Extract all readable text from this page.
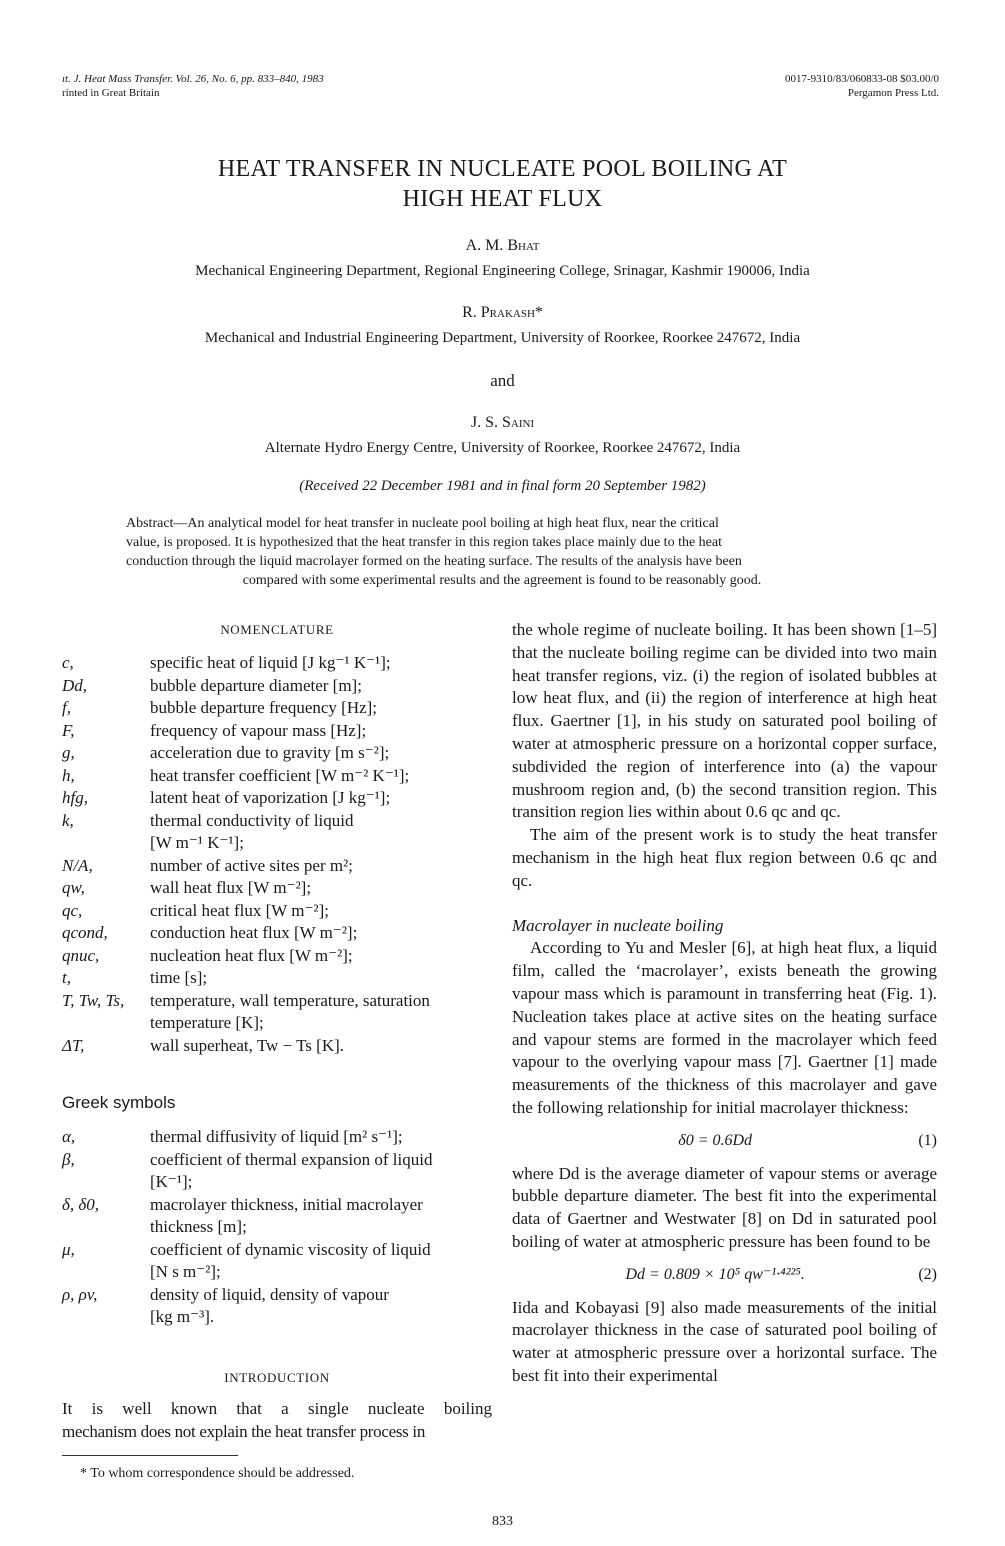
ıt. J. Heat Mass Transfer. Vol. 26, No. 6, pp. 833–840, 1983
rinted in Great Britain
0017-9310/83/060833-08 $03.00/0
Pergamon Press Ltd.
HEAT TRANSFER IN NUCLEATE POOL BOILING AT
HIGH HEAT FLUX
A. M. Bhat
Mechanical Engineering Department, Regional Engineering College, Srinagar, Kashmir 190006, India
R. Prakash*
Mechanical and Industrial Engineering Department, University of Roorkee, Roorkee 247672, India
and
J. S. Saini
Alternate Hydro Energy Centre, University of Roorkee, Roorkee 247672, India
(Received 22 December 1981 and in final form 20 September 1982)
Abstract—An analytical model for heat transfer in nucleate pool boiling at high heat flux, near the critical
value, is proposed. It is hypothesized that the heat transfer in this region takes place mainly due to the heat
conduction through the liquid macrolayer formed on the heating surface. The results of the analysis have been
compared with some experimental results and the agreement is found to be reasonably good.
NOMENCLATURE
c,	specific heat of liquid [J kg⁻¹ K⁻¹];
Dd,	bubble departure diameter [m];
f,	bubble departure frequency [Hz];
F,	frequency of vapour mass [Hz];
g,	acceleration due to gravity [m s⁻²];
h,	heat transfer coefficient [W m⁻² K⁻¹];
hfg,	latent heat of vaporization [J kg⁻¹];
k,	thermal conductivity of liquid
[W m⁻¹ K⁻¹];
N/A,	number of active sites per m²;
qw,	wall heat flux [W m⁻²];
qc,	critical heat flux [W m⁻²];
qcond,	conduction heat flux [W m⁻²];
qnuc,	nucleation heat flux [W m⁻²];
t,	time [s];
T, Tw, Ts,	temperature, wall temperature, saturation
temperature [K];
ΔT,	wall superheat, Tw − Ts [K].
Greek symbols
α,	thermal diffusivity of liquid [m² s⁻¹];
β,	coefficient of thermal expansion of liquid
[K⁻¹];
δ, δ0,	macrolayer thickness, initial macrolayer
thickness [m];
μ,	coefficient of dynamic viscosity of liquid
[N s m⁻²];
ρ, ρv,	density of liquid, density of vapour
[kg m⁻³].
INTRODUCTION
It is well known that a single nucleate boiling
mechanism does not explain the heat transfer process in
* To whom correspondence should be addressed.
the whole regime of nucleate boiling. It has been shown [1–5] that the nucleate boiling regime can be divided into two main heat transfer regions, viz. (i) the region of isolated bubbles at low heat flux, and (ii) the region of interference at high heat flux. Gaertner [1], in his study on saturated pool boiling of water at atmospheric pressure on a horizontal copper surface, subdivided the region of interference into (a) the vapour mushroom region and, (b) the second transition region. This transition region lies within about 0.6 qc and qc.
The aim of the present work is to study the heat transfer mechanism in the high heat flux region between 0.6 qc and qc.
Macrolayer in nucleate boiling
According to Yu and Mesler [6], at high heat flux, a liquid film, called the ‘macrolayer’, exists beneath the growing vapour mass which is paramount in transferring heat (Fig. 1). Nucleation takes place at active sites on the heating surface and vapour stems are formed in the macrolayer which feed vapour to the overlying vapour mass [7]. Gaertner [1] made measurements of the thickness of this macrolayer and gave the following relationship for initial macrolayer thickness:
δ0 = 0.6Dd	(1)
where Dd is the average diameter of vapour stems or average bubble departure diameter. The best fit into the experimental data of Gaertner and Westwater [8] on Dd in saturated pool boiling of water at atmospheric pressure has been found to be
Dd = 0.809 × 10⁵ qw⁻¹·⁴²²⁵.	(2)
Iida and Kobayasi [9] also made measurements of the initial macrolayer thickness in the case of saturated pool boiling of water at atmospheric pressure over a horizontal surface. The best fit into their experimental
833
